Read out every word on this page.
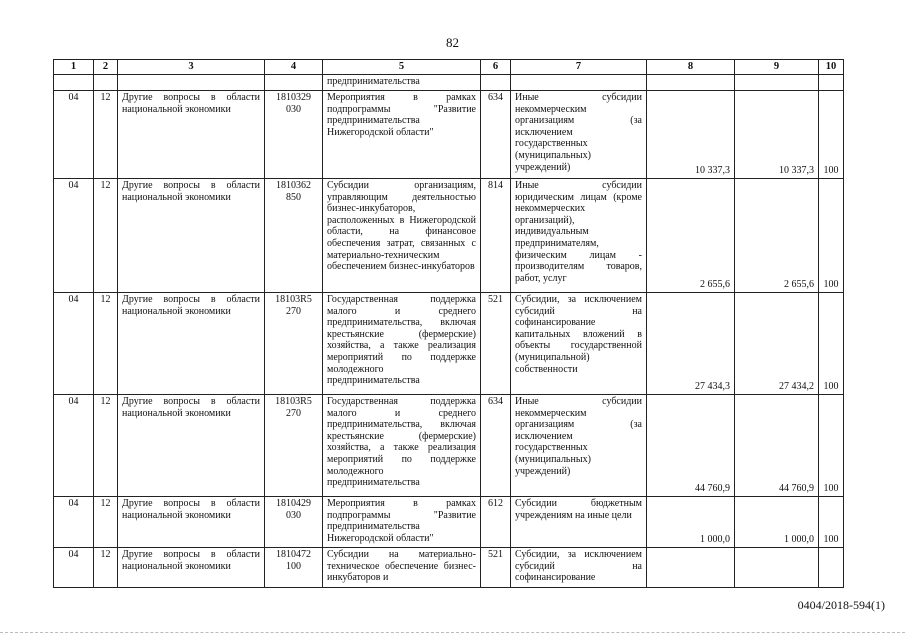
82
1	2	3	4	5	6	7	8	9	10
				предпринимательства					
04	12	Другие вопросы в области национальной экономики	1810329 030	Мероприятия в рамках подпрограммы "Развитие предпринимательства Нижегородской области"	634	Иные субсидии некоммерческим организациям (за исключением государственных (муниципальных) учреждений)	10 337,3	10 337,3	100
04	12	Другие вопросы в области национальной экономики	1810362 850	Субсидии организациям, управляющим деятельностью бизнес-инкубаторов, расположенных в Нижегородской области, на финансовое обеспечения затрат, связанных с материально-техническим обеспечением бизнес-инкубаторов	814	Иные субсидии юридическим лицам (кроме некоммерческих организаций), индивидуальным предпринимателям, физическим лицам - производителям товаров, работ, услуг	2 655,6	2 655,6	100
04	12	Другие вопросы в области национальной экономики	18103R5 270	Государственная поддержка малого и среднего предпринимательства, включая крестьянские (фермерские) хозяйства, а также реализация мероприятий по поддержке молодежного предпринимательства	521	Субсидии, за исключением субсидий на софинансирование капитальных вложений в объекты государственной (муниципальной) собственности	27 434,3	27 434,2	100
04	12	Другие вопросы в области национальной экономики	18103R5 270	Государственная поддержка малого и среднего предпринимательства, включая крестьянские (фермерские) хозяйства, а также реализация мероприятий по поддержке молодежного предпринимательства	634	Иные субсидии некоммерческим организациям (за исключением государственных (муниципальных) учреждений)	44 760,9	44 760,9	100
04	12	Другие вопросы в области национальной экономики	1810429 030	Мероприятия в рамках подпрограммы "Развитие предпринимательства Нижегородской области"	612	Субсидии бюджетным учреждениям на иные цели	1 000,0	1 000,0	100
04	12	Другие вопросы в области национальной экономики	1810472 100	Субсидии на материально-техническое обеспечение бизнес-инкубаторов и	521	Субсидии, за исключением субсидий на софинансирование			
0404/2018-594(1)
